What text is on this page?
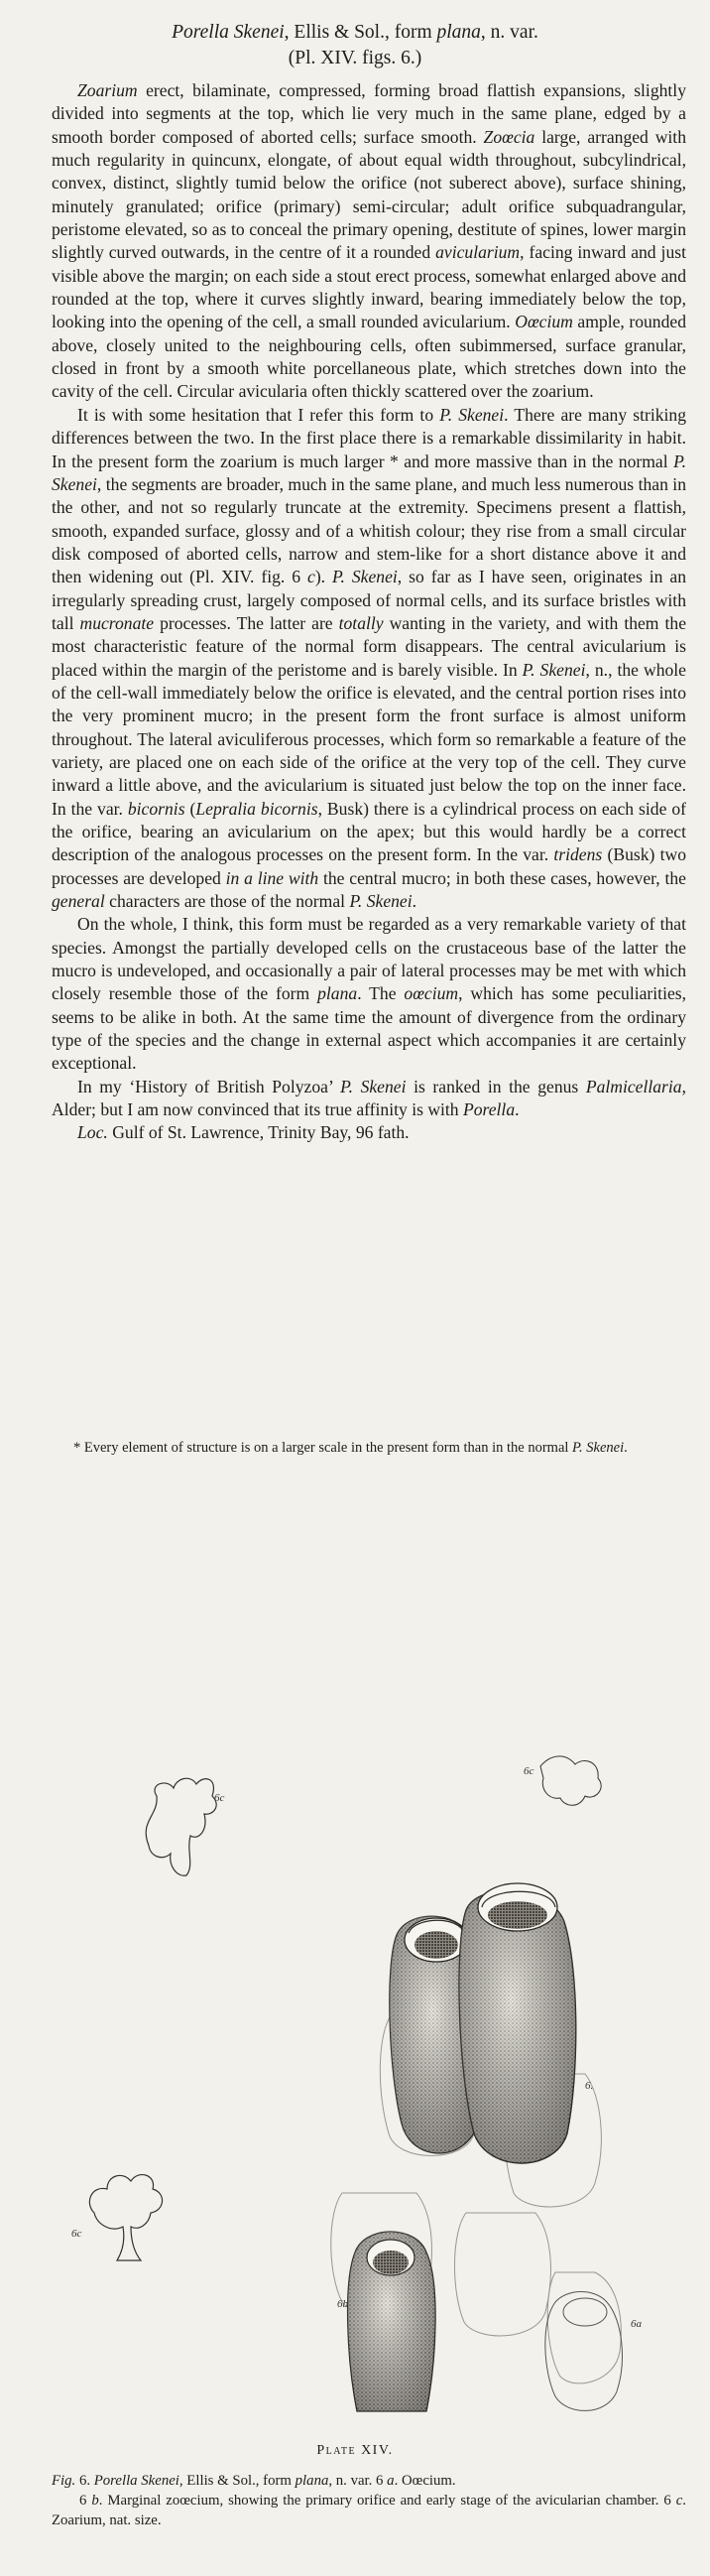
Porella Skenei, Ellis & Sol., form plana, n. var.
(Pl. XIV. figs. 6.)

Zoarium erect, bilaminate, compressed, forming broad flattish expansions, slightly divided into segments at the top, which lie very much in the same plane, edged by a smooth border composed of aborted cells; surface smooth. Zoœcia large, arranged with much regularity in quincunx, elongate, of about equal width throughout, subcylindrical, convex, distinct, slightly tumid below the orifice (not suberect above), surface shining, minutely granulated; orifice (primary) semi-circular; adult orifice subquadrangular, peristome elevated, so as to conceal the primary opening, destitute of spines, lower margin slightly curved outwards, in the centre of it a rounded avicularium, facing inward and just visible above the margin; on each side a stout erect process, somewhat enlarged above and rounded at the top, where it curves slightly inward, bearing immediately below the top, looking into the opening of the cell, a small rounded avicularium. Oœcium ample, rounded above, closely united to the neighbouring cells, often subimmersed, surface granular, closed in front by a smooth white porcellaneous plate, which stretches down into the cavity of the cell. Circular avicularia often thickly scattered over the zoarium.

It is with some hesitation that I refer this form to P. Skenei. There are many striking differences between the two. In the first place there is a remarkable dissimilarity in habit. In the present form the zoarium is much larger * and more massive than in the normal P. Skenei, the segments are broader, much in the same plane, and much less numerous than in the other, and not so regularly truncate at the extremity. Specimens present a flattish, smooth, expanded surface, glossy and of a whitish colour; they rise from a small circular disk composed of aborted cells, narrow and stem-like for a short distance above it and then widening out (Pl. XIV. fig. 6 c). P. Skenei, so far as I have seen, originates in an irregularly spreading crust, largely composed of normal cells, and its surface bristles with tall mucronate processes. The latter are totally wanting in the variety, and with them the most characteristic feature of the normal form disappears. The central avicularium is placed within the margin of the peristome and is barely visible. In P. Skenei, n., the whole of the cell-wall immediately below the orifice is elevated, and the central portion rises into the very prominent mucro; in the present form the front surface is almost uniform throughout. The lateral aviculiferous processes, which form so remarkable a feature of the variety, are placed one on each side of the orifice at the very top of the cell. They curve inward a little above, and the avicularium is situated just below the top on the inner face. In the var. bicornis (Lepralia bicornis, Busk) there is a cylindrical process on each side of the orifice, bearing an avicularium on the apex; but this would hardly be a correct description of the analogous processes on the present form. In the var. tridens (Busk) two processes are developed in a line with the central mucro; in both these cases, however, the general characters are those of the normal P. Skenei.

On the whole, I think, this form must be regarded as a very remarkable variety of that species. Amongst the partially developed cells on the crustaceous base of the latter the mucro is undeveloped, and occasionally a pair of lateral processes may be met with which closely resemble those of the form plana. The oœcium, which has some peculiarities, seems to be alike in both. At the same time the amount of divergence from the ordinary type of the species and the change in external aspect which accompanies it are certainly exceptional.

In my ‘History of British Polyzoa’ P. Skenei is ranked in the genus Palmicellaria, Alder; but I am now convinced that its true affinity is with Porella.

Loc. Gulf of St. Lawrence, Trinity Bay, 96 fath.

* Every element of structure is on a larger scale in the present form than in the normal P. Skenei.
6c
6c
6.
6c
6b
6a
Plate XIV.
Fig. 6. Porella Skenei, Ellis & Sol., form plana, n. var. 6 a. Oœcium.
6 b. Marginal zoœcium, showing the primary orifice and early stage of the avicularian chamber. 6 c. Zoarium, nat. size.
